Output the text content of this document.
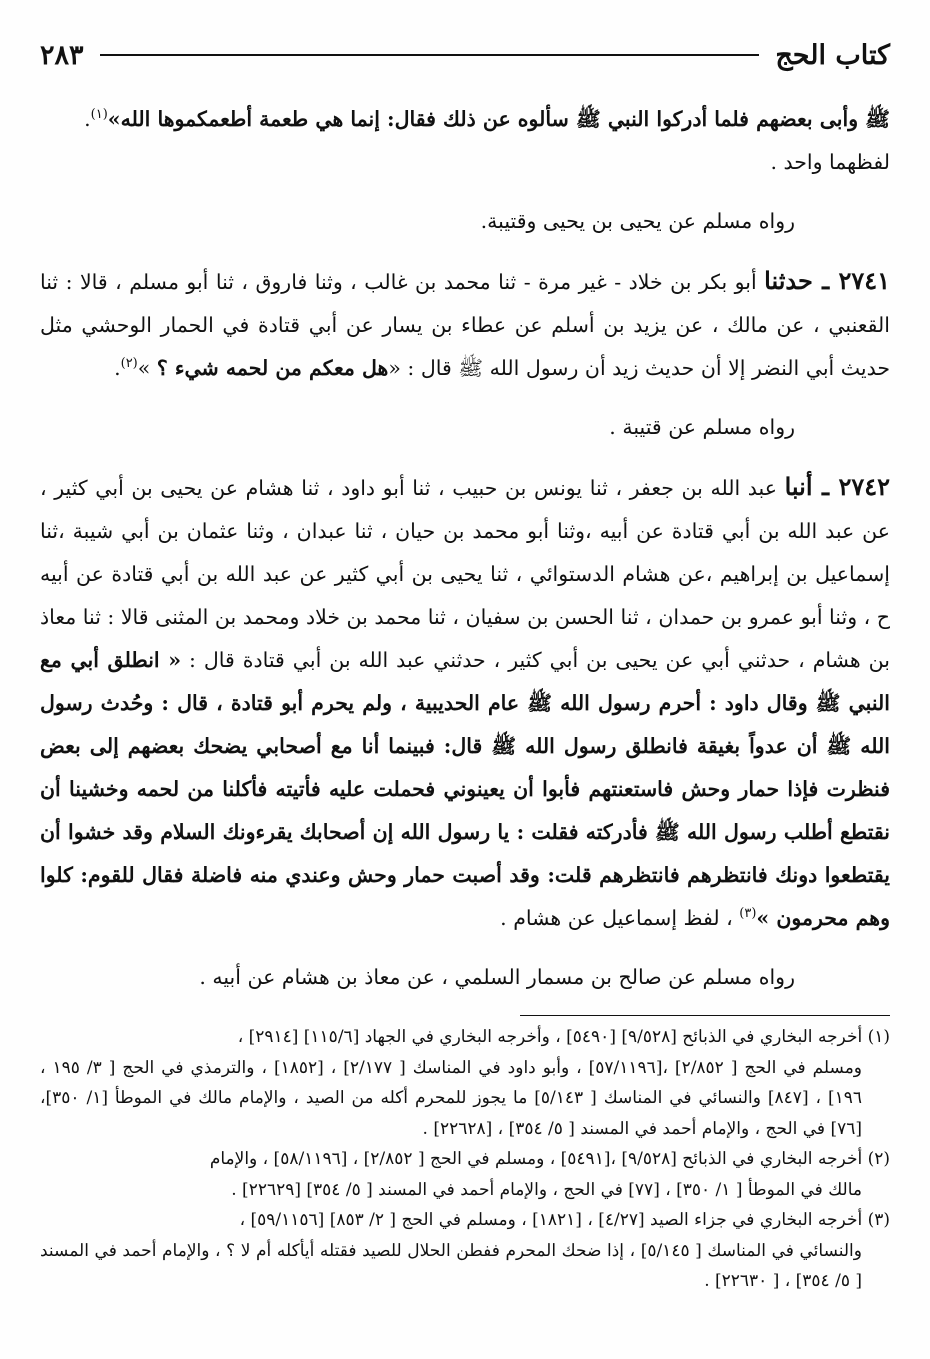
كتاب الحج
٢٨٣

ﷺ وأبى بعضهم فلما أدركوا النبي ﷺ سألوه عن ذلك فقال: إنما هي طعمة أطعمكموها الله»$^{(١)}$.

لفظهما واحد .

رواه مسلم عن يحيى بن يحيى وقتيبة.

٢٧٤١ ـ حدثنا أبو بكر بن خلاد - غير مرة - ثنا محمد بن غالب ، وثنا فاروق ، ثنا أبو مسلم ، قالا : ثنا القعنبي ، عن مالك ، عن يزيد بن أسلم عن عطاء بن يسار عن أبي قتادة في الحمار الوحشي مثل حديث أبي النضر إلا أن حديث زيد أن رسول الله ﷺ قال : «هل معكم من لحمه شيء ؟ »$^{(٢)}$.

رواه مسلم عن قتيبة .

٢٧٤٢ ـ أنبا عبد الله بن جعفر ، ثنا يونس بن حبيب ، ثنا أبو داود ، ثنا هشام عن يحيى بن أبي كثير ، عن عبد الله بن أبي قتادة عن أبيه ،وثنا أبو محمد بن حيان ، ثنا عبدان ، وثنا عثمان بن أبي شيبة ،ثنا إسماعيل بن إبراهيم ،عن هشام الدستوائي ، ثنا يحيى بن أبي كثير عن عبد الله بن أبي قتادة عن أبيه ح ، وثنا أبو عمرو بن حمدان ، ثنا الحسن بن سفيان ، ثنا محمد بن خلاد ومحمد بن المثنى قالا : ثنا معاذ بن هشام ، حدثني أبي عن يحيى بن أبي كثير ، حدثني عبد الله بن أبي قتادة قال : « انطلق أبي مع النبي ﷺ وقال داود : أحرم رسول الله ﷺ عام الحديبية ، ولم يحرم أبو قتادة ، قال : وحُدث رسول الله ﷺ أن عدواً بغيقة فانطلق رسول الله ﷺ قال: فبينما أنا مع أصحابي يضحك بعضهم إلى بعض فنظرت فإذا حمار وحش فاستعنتهم فأبوا أن يعينوني فحملت عليه فأتيته فأكلنا من لحمه وخشينا أن نقتطع أطلب رسول الله ﷺ فأدركته فقلت : يا رسول الله إن أصحابك يقرءونك السلام وقد خشوا أن يقتطعوا دونك فانتظرهم فانتظرهم قلت: وقد أصبت حمار وحش وعندي منه فاضلة فقال للقوم: كلوا وهم محرمون »$^{(٣)}$ ، لفظ إسماعيل عن هشام .

رواه مسلم عن صالح بن مسمار السلمي ، عن معاذ بن هشام عن أبيه .

(١) أخرجه البخاري في الذبائح [٩/٥٢٨] [٥٤٩٠] ، وأخرجه البخاري في الجهاد [١١٥/٦] [٢٩١٤] ،

ومسلم في الحج [ ٢/٨٥٢] ،[٥٧/١١٩٦] ، وأبو داود في المناسك [ ٢/١٧٧] ، [١٨٥٢] ، والترمذي في الحج [ ٣/ ١٩٥ ، ١٩٦] ، [٨٤٧] والنسائي في المناسك [ ٥/١٤٣] ما يجوز للمحرم أكله من الصيد ، والإمام مالك في الموطأ [١/ ٣٥٠]، [٧٦] في الحج ، والإمام أحمد في المسند [ ٥/ ٣٥٤] ، [٢٢٦٢٨] .

(٢) أخرجه البخاري في الذبائح [٩/٥٢٨] ،[٥٤٩١] ، ومسلم في الحج [ ٢/٨٥٢] ، [٥٨/١١٩٦] ، والإمام

مالك في الموطأ [ ١/ ٣٥٠] ، [٧٧] في الحج ، والإمام أحمد في المسند [ ٥/ ٣٥٤] [٢٢٦٢٩] .

(٣) أخرجه البخاري في جزاء الصيد [٤/٢٧] ، [١٨٢١] ، ومسلم في الحج [ ٢/ ٨٥٣] [٥٩/١١٥٦] ،

والنسائي في المناسك [ ٥/١٤٥] ، إذا ضحك المحرم ففطن الحلال للصيد فقتله أيأكله أم لا ؟ ، والإمام أحمد في المسند [ ٥/ ٣٥٤] ، [ ٢٢٦٣٠] .
